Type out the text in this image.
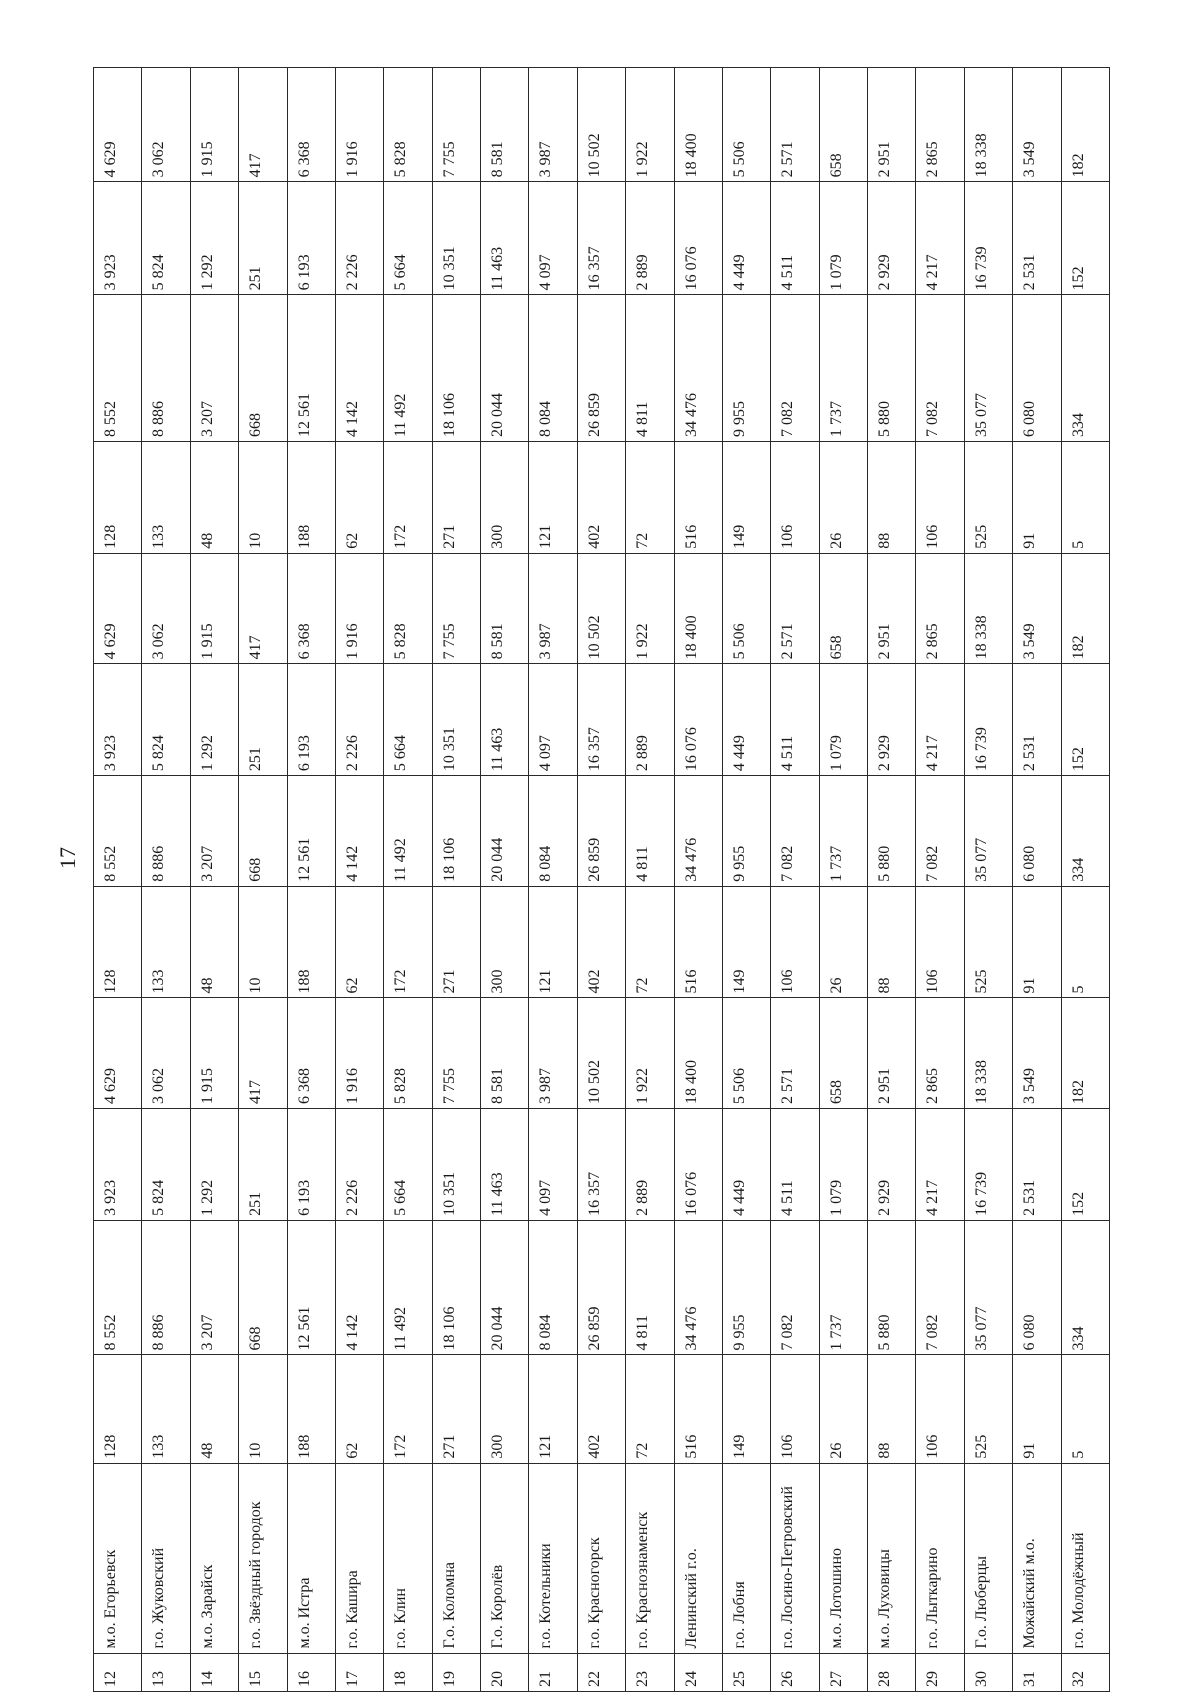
17
12	м.о. Егорьевск	128	8 552	3 923	4 629	128	8 552	3 923	4 629	128	8 552	3 923	4 629
13	г.о. Жуковский	133	8 886	5 824	3 062	133	8 886	5 824	3 062	133	8 886	5 824	3 062
14	м.о. Зарайск	48	3 207	1 292	1 915	48	3 207	1 292	1 915	48	3 207	1 292	1 915
15	г.о. Звёздный городок	10	668	251	417	10	668	251	417	10	668	251	417
16	м.о. Истра	188	12 561	6 193	6 368	188	12 561	6 193	6 368	188	12 561	6 193	6 368
17	г.о. Кашира	62	4 142	2 226	1 916	62	4 142	2 226	1 916	62	4 142	2 226	1 916
18	г.о. Клин	172	11 492	5 664	5 828	172	11 492	5 664	5 828	172	11 492	5 664	5 828
19	Г.о. Коломна	271	18 106	10 351	7 755	271	18 106	10 351	7 755	271	18 106	10 351	7 755
20	Г.о. Королёв	300	20 044	11 463	8 581	300	20 044	11 463	8 581	300	20 044	11 463	8 581
21	г.о. Котельники	121	8 084	4 097	3 987	121	8 084	4 097	3 987	121	8 084	4 097	3 987
22	г.о. Красногорск	402	26 859	16 357	10 502	402	26 859	16 357	10 502	402	26 859	16 357	10 502
23	г.о. Краснознаменск	72	4 811	2 889	1 922	72	4 811	2 889	1 922	72	4 811	2 889	1 922
24	Ленинский г.о.	516	34 476	16 076	18 400	516	34 476	16 076	18 400	516	34 476	16 076	18 400
25	г.о. Лобня	149	9 955	4 449	5 506	149	9 955	4 449	5 506	149	9 955	4 449	5 506
26	г.о. Лосино-Петровский	106	7 082	4 511	2 571	106	7 082	4 511	2 571	106	7 082	4 511	2 571
27	м.о. Лотошино	26	1 737	1 079	658	26	1 737	1 079	658	26	1 737	1 079	658
28	м.о. Луховицы	88	5 880	2 929	2 951	88	5 880	2 929	2 951	88	5 880	2 929	2 951
29	г.о. Лыткарино	106	7 082	4 217	2 865	106	7 082	4 217	2 865	106	7 082	4 217	2 865
30	Г.о. Люберцы	525	35 077	16 739	18 338	525	35 077	16 739	18 338	525	35 077	16 739	18 338
31	Можайский м.о.	91	6 080	2 531	3 549	91	6 080	2 531	3 549	91	6 080	2 531	3 549
32	г.о. Молодёжный	5	334	152	182	5	334	152	182	5	334	152	182
